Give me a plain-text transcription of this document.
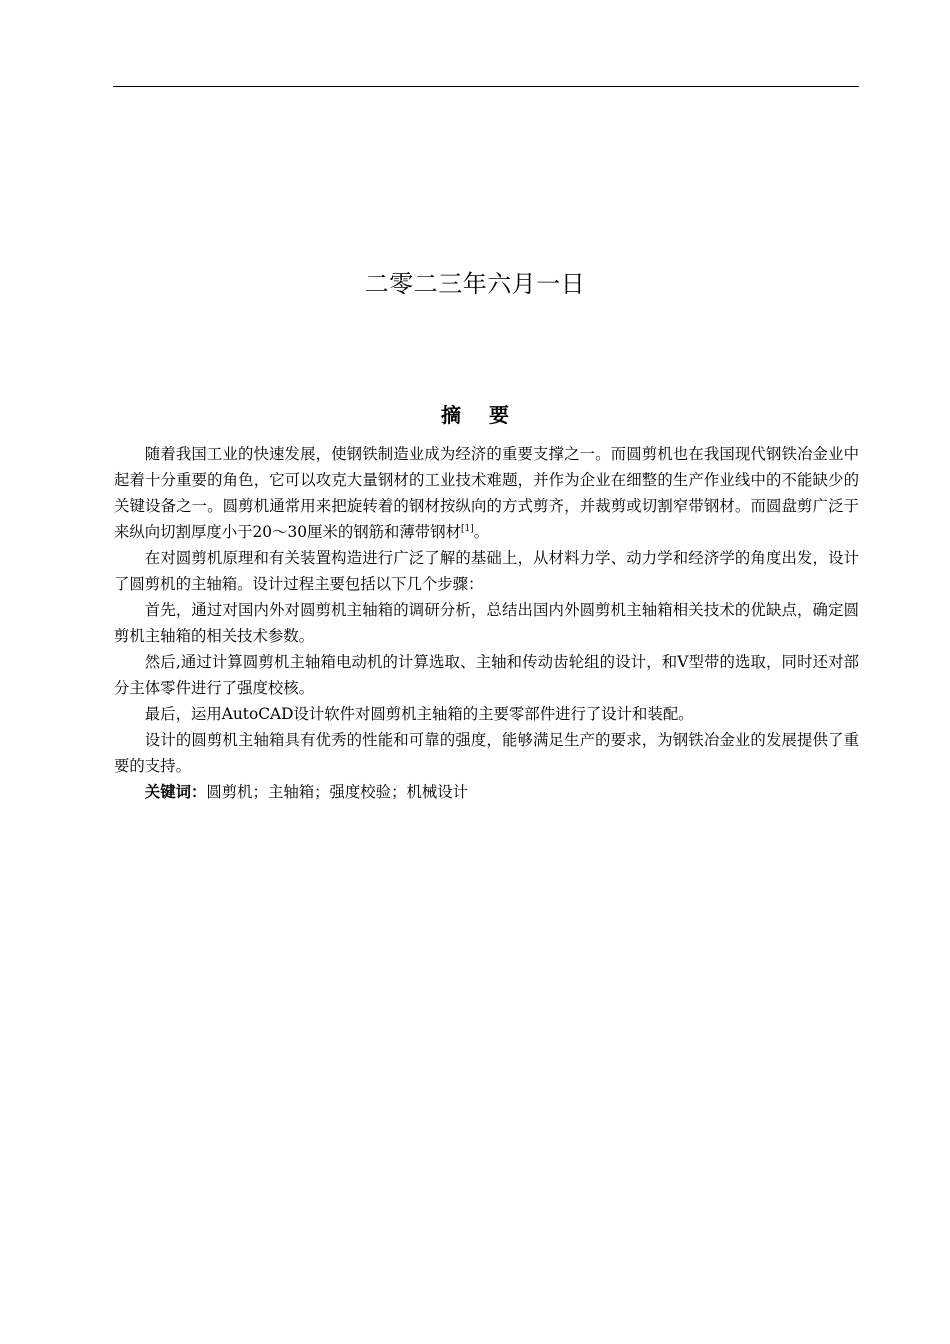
二零二三年六月一日
摘 要

随着我国工业的快速发展，使钢铁制造业成为经济的重要支撑之一。而圆剪机也在我国现代钢铁冶金业中起着十分重要的角色，它可以攻克大量钢材的工业技术难题，并作为企业在细整的生产作业线中的不能缺少的关键设备之一。圆剪机通常用来把旋转着的钢材按纵向的方式剪齐，并裁剪或切割窄带钢材。而圆盘剪广泛于来纵向切割厚度小于20～30厘米的钢筋和薄带钢材[1]。

在对圆剪机原理和有关装置构造进行广泛了解的基础上，从材料力学、动力学和经济学的角度出发，设计了圆剪机的主轴箱。设计过程主要包括以下几个步骤：

首先，通过对国内外对圆剪机主轴箱的调研分析，总结出国内外圆剪机主轴箱相关技术的优缺点，确定圆剪机主轴箱的相关技术参数。

然后,通过计算圆剪机主轴箱电动机的计算选取、主轴和传动齿轮组的设计，和V型带的选取，同时还对部分主体零件进行了强度校核。

最后，运用AutoCAD设计软件对圆剪机主轴箱的主要零部件进行了设计和装配。

设计的圆剪机主轴箱具有优秀的性能和可靠的强度，能够满足生产的要求，为钢铁冶金业的发展提供了重要的支持。

关键词：圆剪机；主轴箱；强度校验；机械设计
